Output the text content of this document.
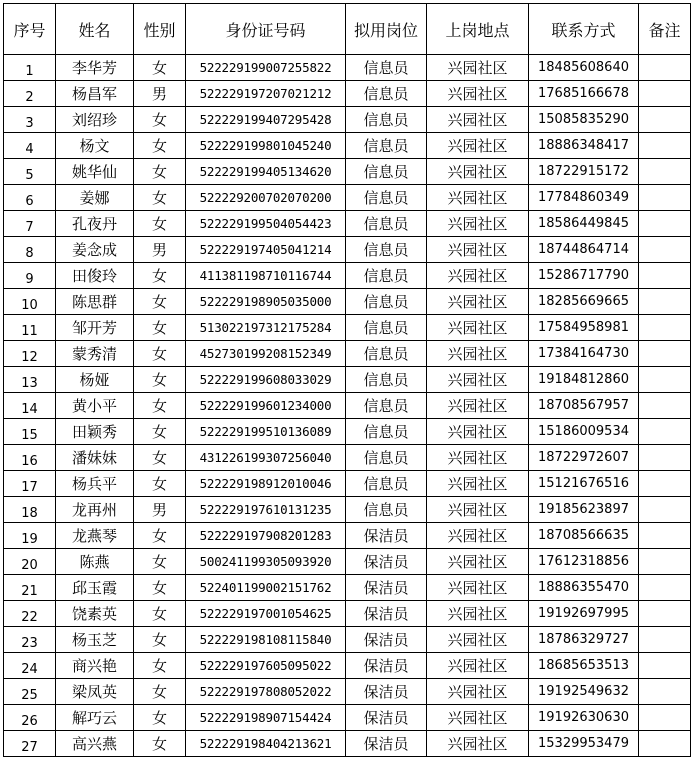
序号	姓名	性别	身份证号码	拟用岗位	上岗地点	联系方式	备注
1	李华芳	女	522229199007255822	信息员	兴园社区	18485608640	
2	杨昌军	男	522229197207021212	信息员	兴园社区	17685166678	
3	刘绍珍	女	522229199407295428	信息员	兴园社区	15085835290	
4	杨文	女	522229199801045240	信息员	兴园社区	18886348417	
5	姚华仙	女	522229199405134620	信息员	兴园社区	18722915172	
6	姜娜	女	522229200702070200	信息员	兴园社区	17784860349	
7	孔夜丹	女	522229199504054423	信息员	兴园社区	18586449845	
8	姜念成	男	522229197405041214	信息员	兴园社区	18744864714	
9	田俊玲	女	411381198710116744	信息员	兴园社区	15286717790	
10	陈思群	女	522229198905035000	信息员	兴园社区	18285669665	
11	邹开芳	女	513022197312175284	信息员	兴园社区	17584958981	
12	蒙秀清	女	452730199208152349	信息员	兴园社区	17384164730	
13	杨娅	女	522229199608033029	信息员	兴园社区	19184812860	
14	黄小平	女	522229199601234000	信息员	兴园社区	18708567957	
15	田颖秀	女	522229199510136089	信息员	兴园社区	15186009534	
16	潘妹妹	女	431226199307256040	信息员	兴园社区	18722972607	
17	杨兵平	女	522229198912010046	信息员	兴园社区	15121676516	
18	龙再州	男	522229197610131235	信息员	兴园社区	19185623897	
19	龙燕琴	女	522229197908201283	保洁员	兴园社区	18708566635	
20	陈燕	女	500241199305093920	保洁员	兴园社区	17612318856	
21	邱玉霞	女	522401199002151762	保洁员	兴园社区	18886355470	
22	饶素英	女	522229197001054625	保洁员	兴园社区	19192697995	
23	杨玉芝	女	522229198108115840	保洁员	兴园社区	18786329727	
24	商兴艳	女	522229197605095022	保洁员	兴园社区	18685653513	
25	梁凤英	女	522229197808052022	保洁员	兴园社区	19192549632	
26	解巧云	女	522229198907154424	保洁员	兴园社区	19192630630	
27	高兴燕	女	522229198404213621	保洁员	兴园社区	15329953479	
